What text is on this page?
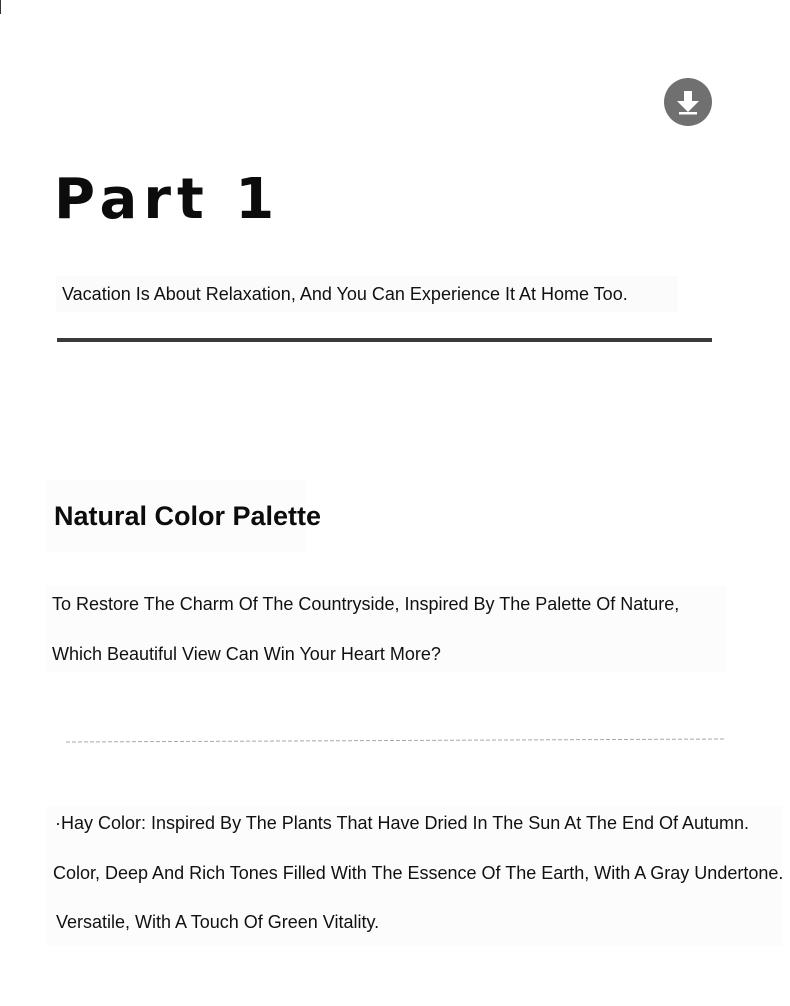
Part 1
Vacation Is About Relaxation, And You Can Experience It At Home Too.
Natural Color Palette

To Restore The Charm Of The Countryside, Inspired By The Palette Of Nature,

Which Beautiful View Can Win Your Heart More?

·Hay Color: Inspired By The Plants That Have Dried In The Sun At The End Of Autumn.

Color, Deep And Rich Tones Filled With The Essence Of The Earth, With A Gray Undertone.

Versatile, With A Touch Of Green Vitality.
